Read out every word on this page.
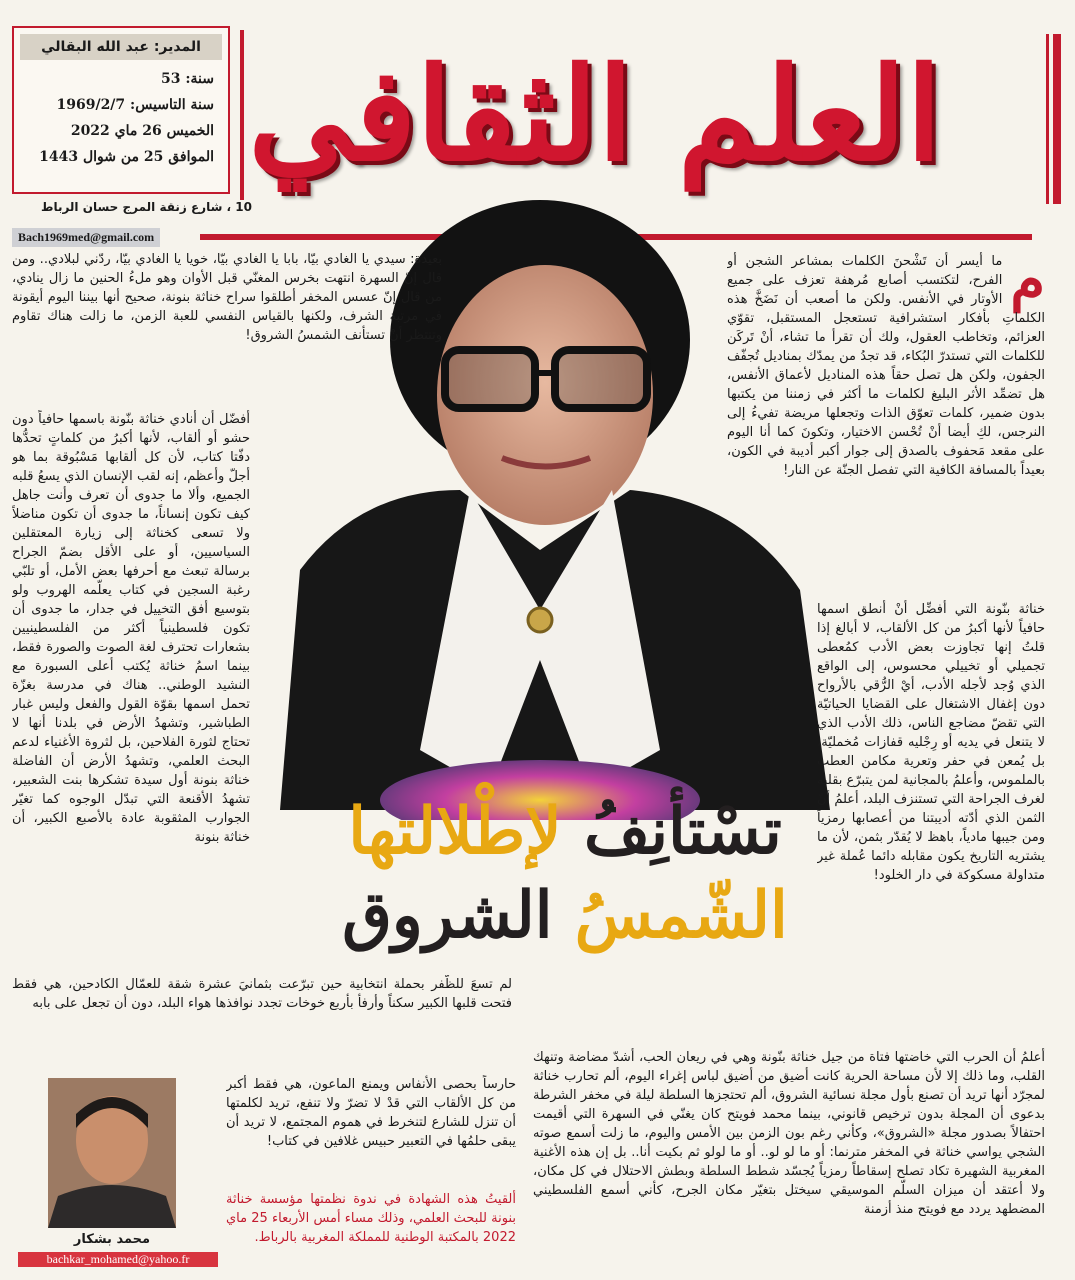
العلم الثقافي
المدير: عبد الله البقالي
سنة: 53
سنة التاسيس: 1969/2/7
الخميس 26 ماي 2022
الموافق 25 من شوال 1443
10 ، شارع زنقة المرج حسان الرباط
Bach1969med@gmail.com
م

ما أيسر أن تَشْحنَ الكلمات بمشاعر الشجن أو الفرح، لتكتسب أصابع مُرهفة تعزف على جميع الأوتار في الأنفس. ولكن ما أصعب أن نَضَخَّ هذه الكلماتِ بأفكار استشرافية تستعجل المستقبل، تقوّي العزائم، وتخاطب العقول، ولك أن تقرأ ما تشاء، أنْ تَركَن للكلمات التي تستدرّ البُكاء، قد تجدُ من يمدّك بمناديل تُجفّف الجفون، ولكن هل تصل حقاً هذه المناديل لأعماق الأنفس، هل تضمِّد الأثر البليغ لكلمات ما أكثر في زمننا من يكتبها بدون ضمير، كلمات تعوّق الذات وتجعلها مريضة تفيءُ إلى النرجس، لكِ أيضا أنْ تُحْسن الاختيار، وتكونَ كما أنا اليوم على مقعد مَحفوف بالصدق إلى جوار أكبر أديبة في الكون، بعيداً بالمسافة الكافية التي تفصل الجنّة عن النار!

خناثة بنّونة التي أفضِّل أنْ أنطق اسمها حافياً لأنها أكبرُ من كل الألقاب، لا أبالغ إذا قلتُ إنها تجاوزت بعض الأدب كمُعطى تجميلي أو تخييلي محسوس، إلى الواقع الذي وُجد لأجله الأدب، أيْ الرُّقي بالأرواح دون إغفال الاشتغال على القضايا الحياتيّة التي تقضّ مضاجع الناس، ذلك الأدب الذي لا يتنعل في يديه أو رِجْليه قفازات مُخمليّة، بل يُمعن في حفر وتعرية مكامن العطب بالملموس، وأعلمُ بالمجانية لمن يتبرّع بقلبه لغرف الجراحة التي تستنزف البلد، أعلمُ أنّ الثمن الذي أدّته أديبتنا من أعصابها رمزياً ومن جيبها مادياً، باهظ لا يُقدّر بثمن، لأن ما يشتريه التاريخ يكون مقابله دائما عُملة غير متداولة مسكوكة في دار الخلود!

بعيدة: سيدي يا الغادي بيّا، بابا يا الغادي بيّا، خويا يا الغادي بيّا، ردّني لبلادي.. ومن قال إنّ السهرة انتهت بخرس المغنّي قبل الأوان وهو ملءُ الحنين ما زال ينادي، من قال إنّ عسس المخفر أطلقوا سراح خناثة بنونة، صحيح أنها بيننا اليوم أيقونة في مرتبة الشرف، ولكنها بالقياس النفسي للعبة الزمن، ما زالت هناك تقاوم وتنتظر أنْ تستأنف الشمسُ الشروق!

أفضّل أن أنادي خناثة بنّونة باسمها حافياً دون حشو أو ألقاب، لأنها أكبرُ من كلماتٍ تحدُّها دفّتا كتاب، لأن كل ألقابها مَسْبُوقة بما هو أجلّ وأعظم، إنه لقب الإنسان الذي يسعُ قلبه الجميع، وألا ما جدوى أن تعرف وأنت جاهل كيف تكون إنساناً، ما جدوى أن تكون مناضلاً ولا تسعى كخناثة إلى زيارة المعتقلين السياسيين، أو على الأقل بضمّ الجراح برسالة تبعث مع أحرفها بعض الأمل، أو تلبّي رغبة السجين في كتاب يعلّمه الهروب ولو بتوسيع أفق التخييل في جدار، ما جدوى أن تكون فلسطينياً أكثر من الفلسطينيين بشعارات تحترف لغة الصوت والصورة فقط، بينما اسمُ خناثة يُكتب أعلى السبورة مع النشيد الوطني.. هناك في مدرسة بغزّة تحمل اسمها بقوّة القول والفعل وليس غبار الطباشير، وتشهدُ الأرض في بلدنا أنها لا تحتاج لثورة الفلاحين، بل لثروة الأغنياء لدعم البحث العلمي، وتشهدُ الأرض أن الفاضلة خناثة بنونة أول سيدة تشكرها بنت الشعبير، تشهدُ الأقنعة التي تبدّل الوجوه كما تغيّر الجوارب المثقوبة عادة بالأصبع الكبير، أن خناثة بنونة

لم تسعَ للظّفر بحملة انتخابية حين تبرّعت بثمانيَ عشرة شقة للعمّال الكادحين، هي فقط فتحت قلبها الكبير سكناً وأرفأ بأربع خوخات تجدد نوافذها هواء البلد، دون أن تجعل على بابه

حارساً بحصى الأنفاس ويمنع الماعون، هي فقط أكبر من كل الألقاب التي قدْ لا تضرّ ولا تنفع، تريد لكلمتها أن تنزل للشارع لتنخرط في هموم المجتمع، لا تريد أن يبقى حلمُها في التعبير حبيس غلافين في كتاب!

تسْتأنِفُ لإطْلالتها
الشّمسُ الشروق

أعلمُ أن الحرب التي خاضتها فتاة من جيل خناثة بنّونة وهي في ريعان الحب، أشدّ مضاضة وتنهك القلب، وما ذلك إلا لأن مساحة الحرية كانت أضيق من أضيق لباس إغراء اليوم، ألم تحارب خناثة لمجرّد أنها تريد أن تصنع بأول مجلة نسائية الشروق، ألم تحتجزها السلطة ليلة في مخفر الشرطة بدعوى أن المجلة بدون ترخيص قانوني، بينما محمد فويتح كان يغنّي في السهرة التي أقيمت احتفالاً بصدور مجلة «الشروق»، وكأني رغم بون الزمن بين الأمس واليوم، ما زلت أسمع صوته الشجي يواسي خناثة في المخفر مترنما: أو ما لو لو.. أو ما لولو ثم بكيت أنا.. بل إن هذه الأغنية المغربية الشهيرة تكاد تصلح إسقاطاً رمزياً يُجسّد شطط السلطة وبطش الاحتلال في كل مكان، ولا أعتقد أن ميزان السلّم الموسيقي سيختل بتغيّر مكان الجرح، كأني أسمع الفلسطيني المضطهد يردد مع فويتح منذ أزمنة

محمد بشكار
bachkar_mohamed@yahoo.fr
ألقيتُ هذه الشهادة في ندوة نظمتها مؤسسة خناثة بنونة للبحث العلمي، وذلك مساء أمس الأربعاء 25 ماي 2022 بالمكتبة الوطنية للمملكة المغربية بالرباط.
